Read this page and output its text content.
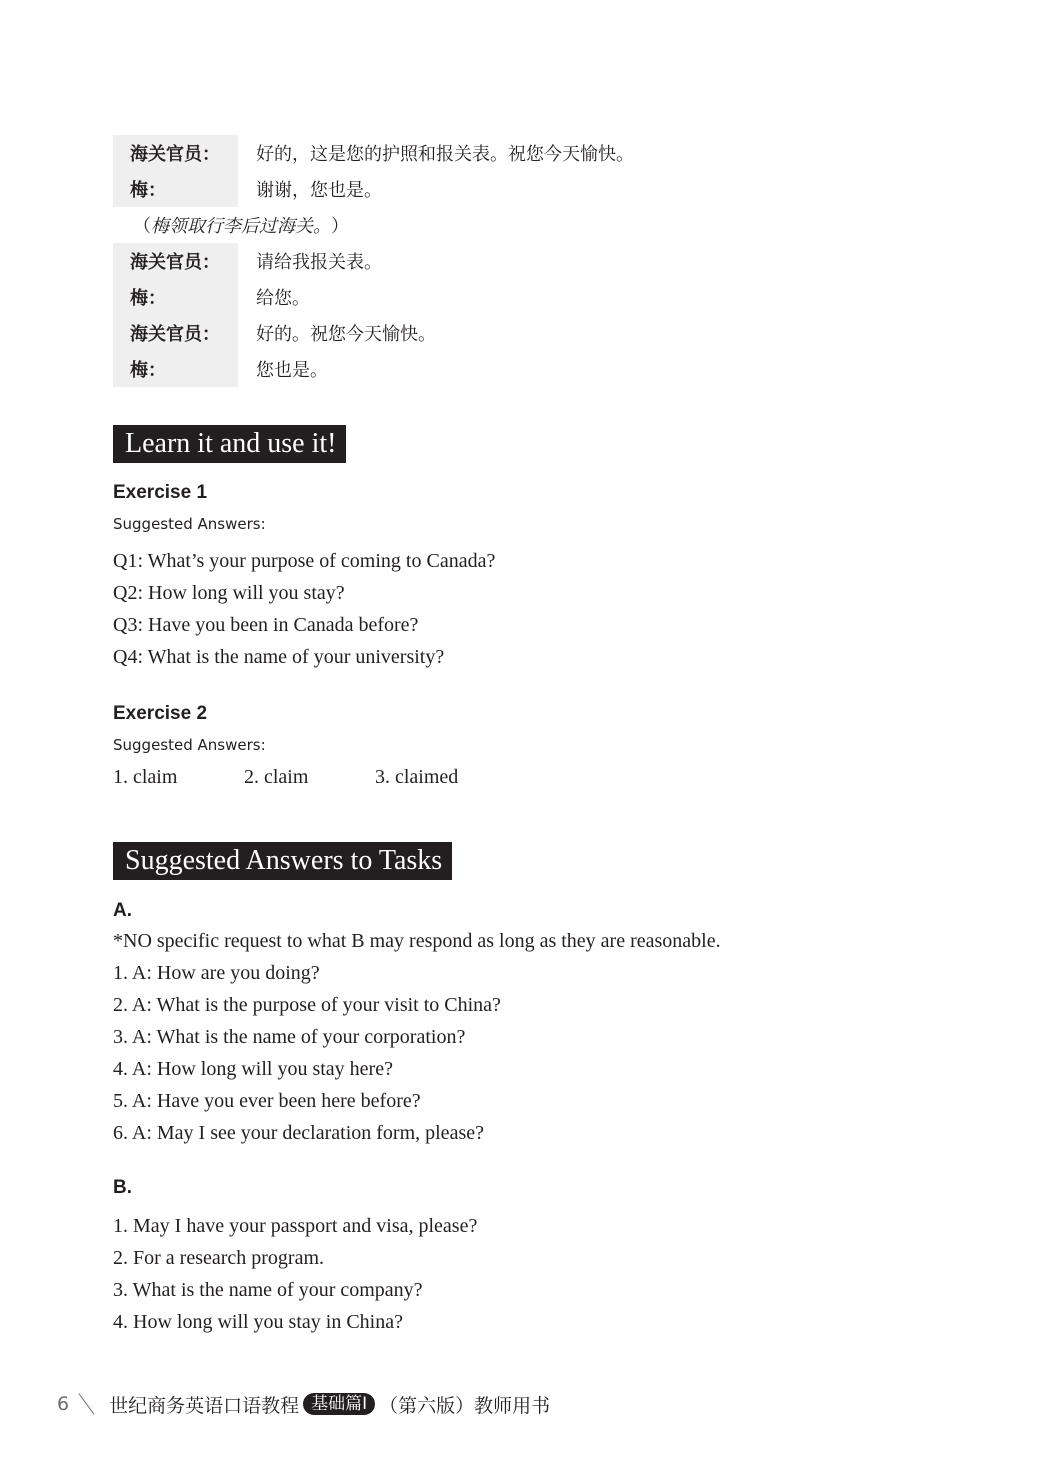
海关官员：	好的，这是您的护照和报关表。祝您今天愉快。
梅：	谢谢，您也是。
（ 梅领取行李后过海关。 ）
海关官员：	请给我报关表。
梅：	给您。
海关官员：	好的。祝您今天愉快。
梅：	您也是。
Learn it and use it!
Exercise 1
Suggested Answers:
Q1: What’s your purpose of coming to Canada?
Q2: How long will you stay?
Q3: Have you been in Canada before?
Q4: What is the name of your university?
Exercise 2
Suggested Answers:
1. claim	2. claim	3. claimed
Suggested Answers to Tasks
A.
*NO specific request to what B may respond as long as they are reasonable.
1. A: How are you doing?
2. A: What is the purpose of your visit to China?
3. A: What is the name of your corporation?
4. A: How long will you stay here?
5. A: Have you ever been here before?
6. A: May I see your declaration form, please?
B.
1. May I have your passport and visa, please?
2. For a research program.
3. What is the name of your company?
4. How long will you stay in China?
6 世纪商务英语口语教程 基础篇Ⅰ （第六版）教师用书
